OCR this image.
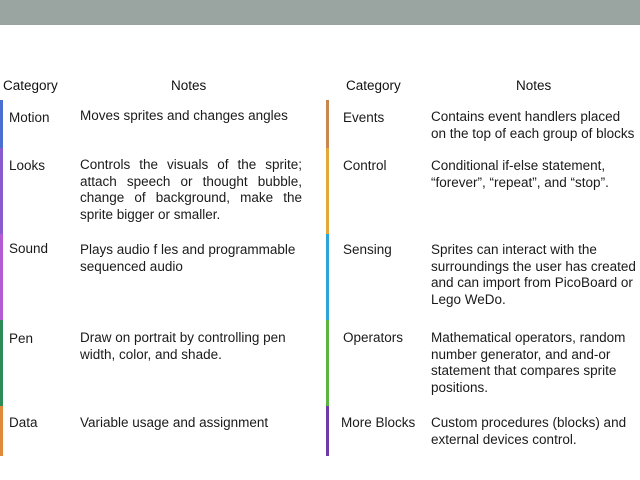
Category	Notes	Category	Notes
Motion	Moves sprites and changes angles
Looks	Controls the visuals of the sprite; attach speech or thought bubble, change of background, make the sprite bigger or smaller.
Sound	Plays audio f les and programmable sequenced audio
Pen	Draw on portrait by controlling pen width, color, and shade.
Data	Variable usage and assignment
Events	Contains event handlers placed on the top of each group of blocks
Control	Conditional if-else statement, “forever”, “repeat”, and “stop”.
Sensing	Sprites can interact with the surroundings the user has created and can import from PicoBoard or Lego WeDo.
Operators	Mathematical operators, random number generator, and and-or statement that compares sprite positions.
More Blocks	Custom procedures (blocks) and external devices control.
